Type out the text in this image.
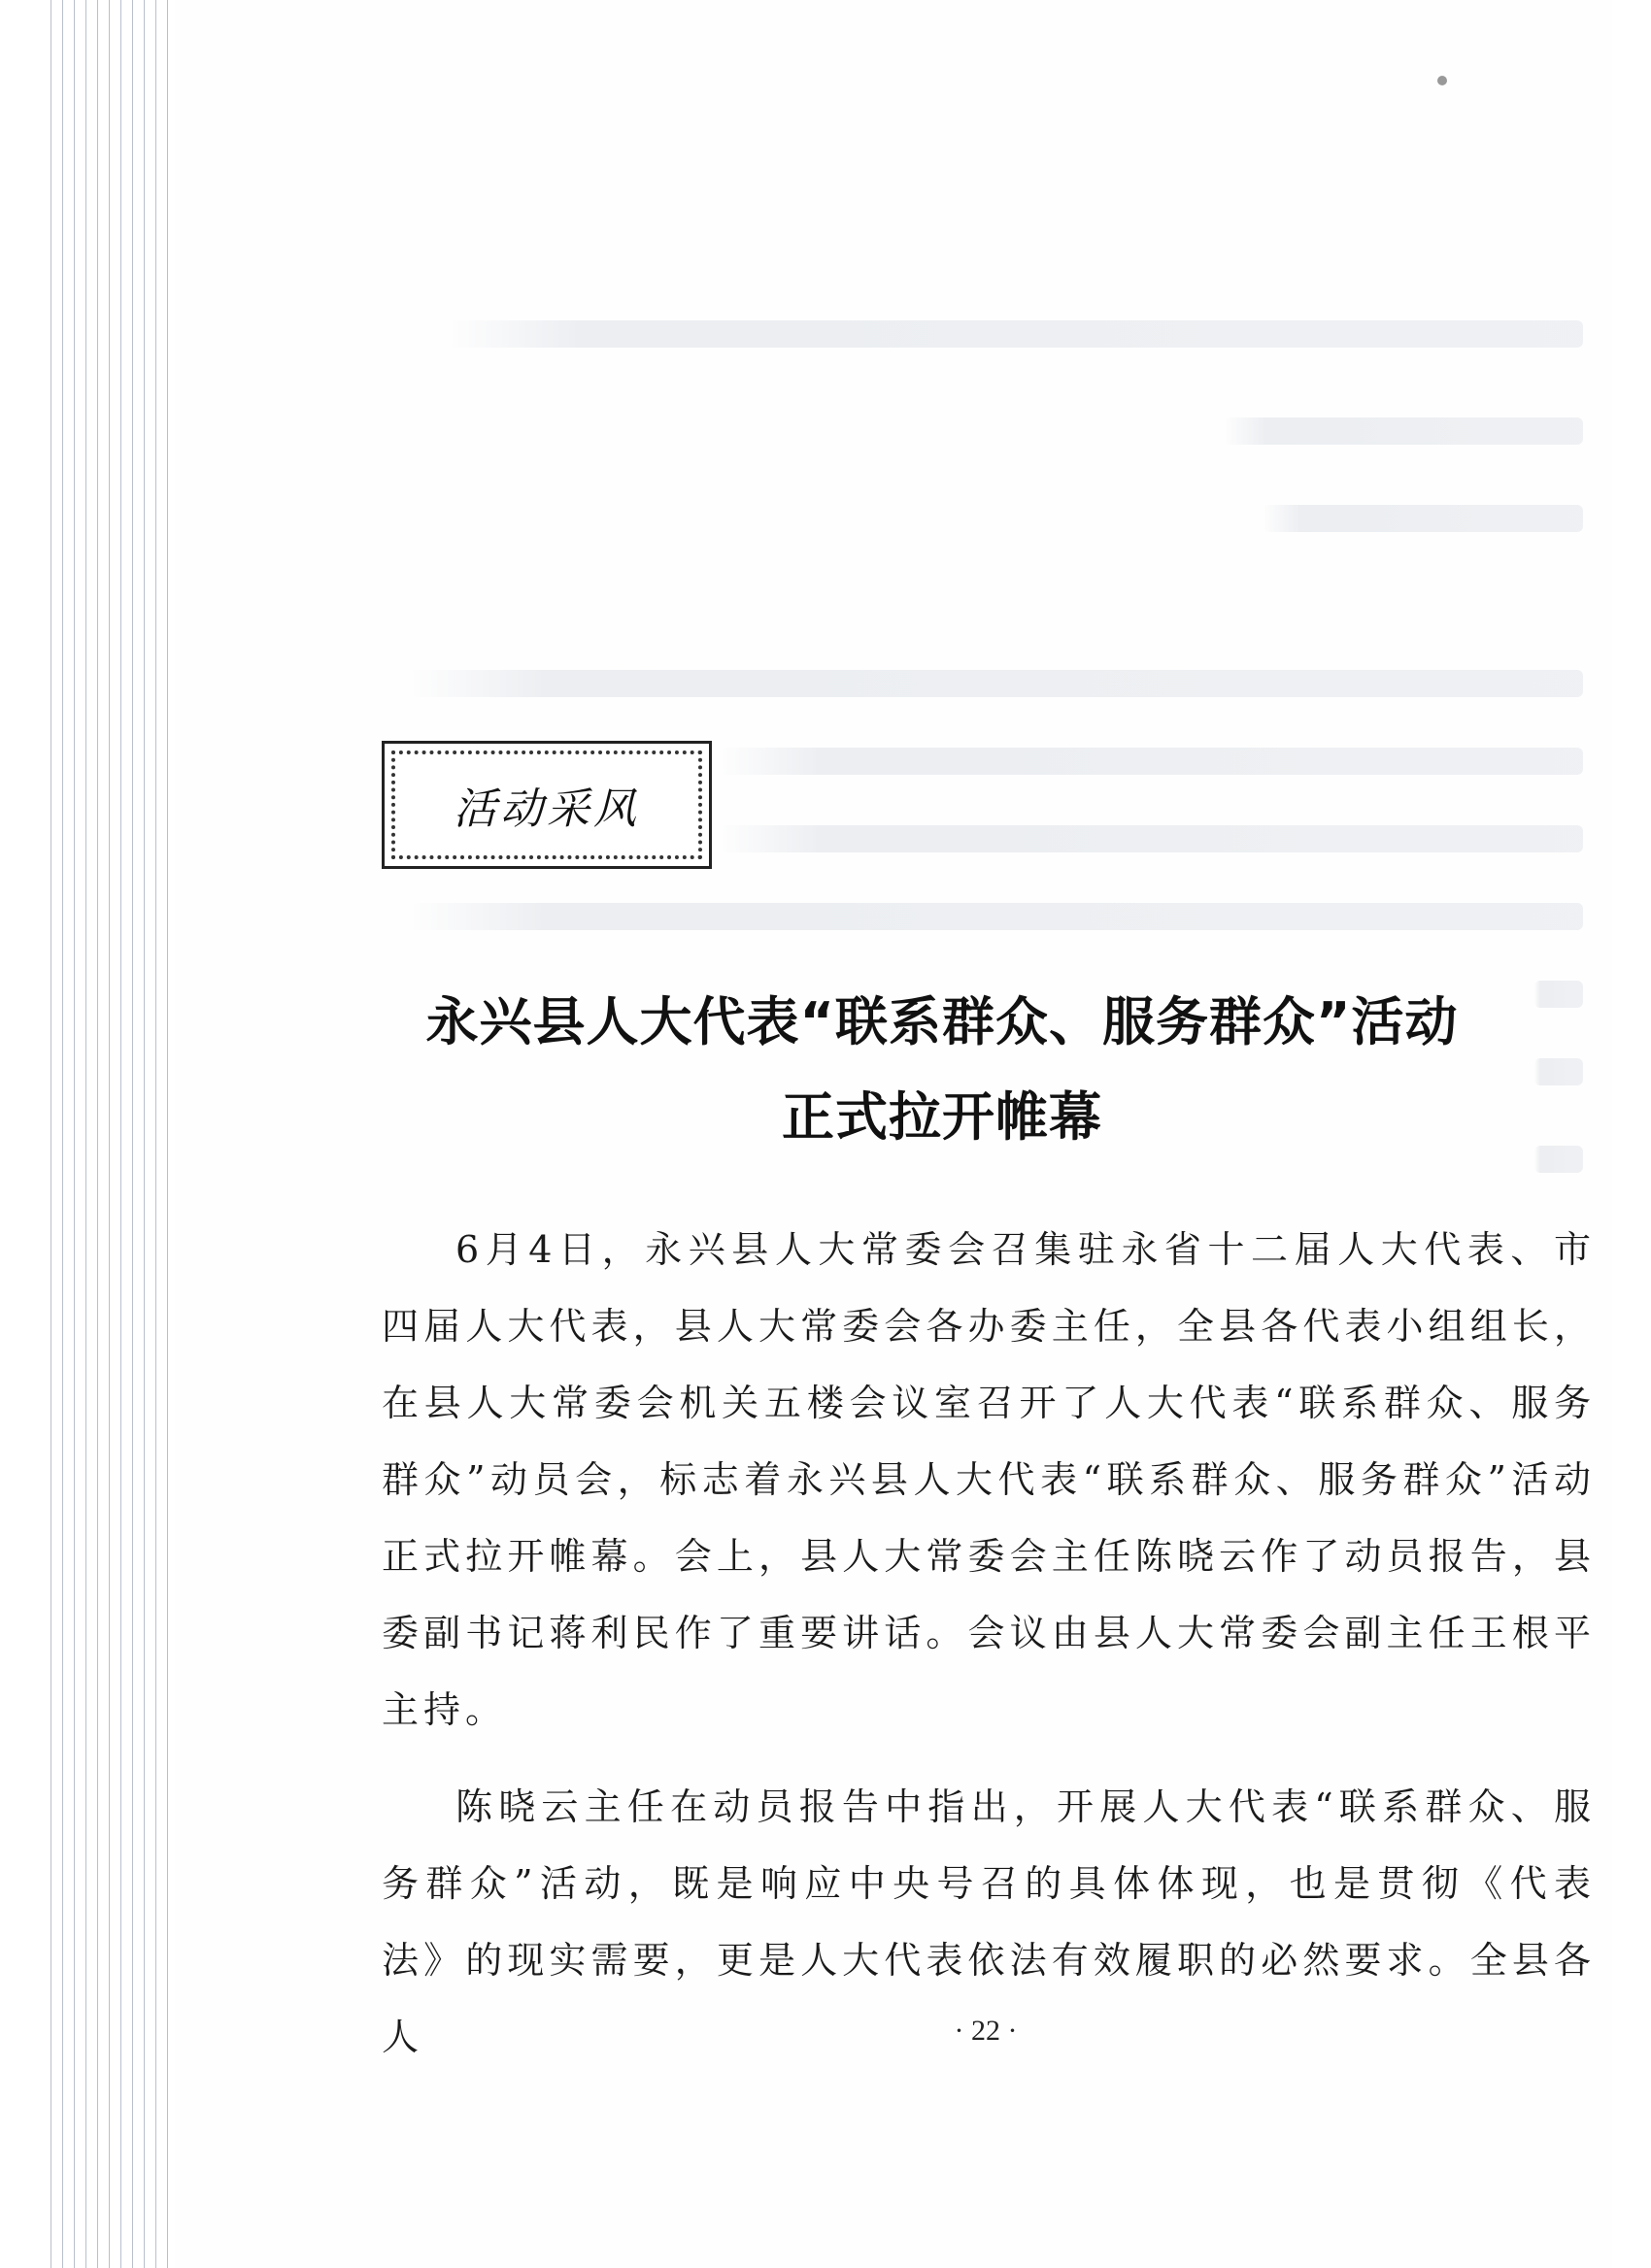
活动采风
永兴县人大代表“联系群众、服务群众”活动
正式拉开帷幕

6月4日，永兴县人大常委会召集驻永省十二届人大代表、市四届人大代表，县人大常委会各办委主任，全县各代表小组组长，在县人大常委会机关五楼会议室召开了人大代表“联系群众、服务群众”动员会，标志着永兴县人大代表“联系群众、服务群众”活动正式拉开帷幕。会上，县人大常委会主任陈晓云作了动员报告，县委副书记蒋利民作了重要讲话。会议由县人大常委会副主任王根平主持。

陈晓云主任在动员报告中指出，开展人大代表“联系群众、服务群众”活动，既是响应中央号召的具体体现，也是贯彻《代表法》的现实需要，更是人大代表依法有效履职的必然要求。全县各人	· 22 ·
